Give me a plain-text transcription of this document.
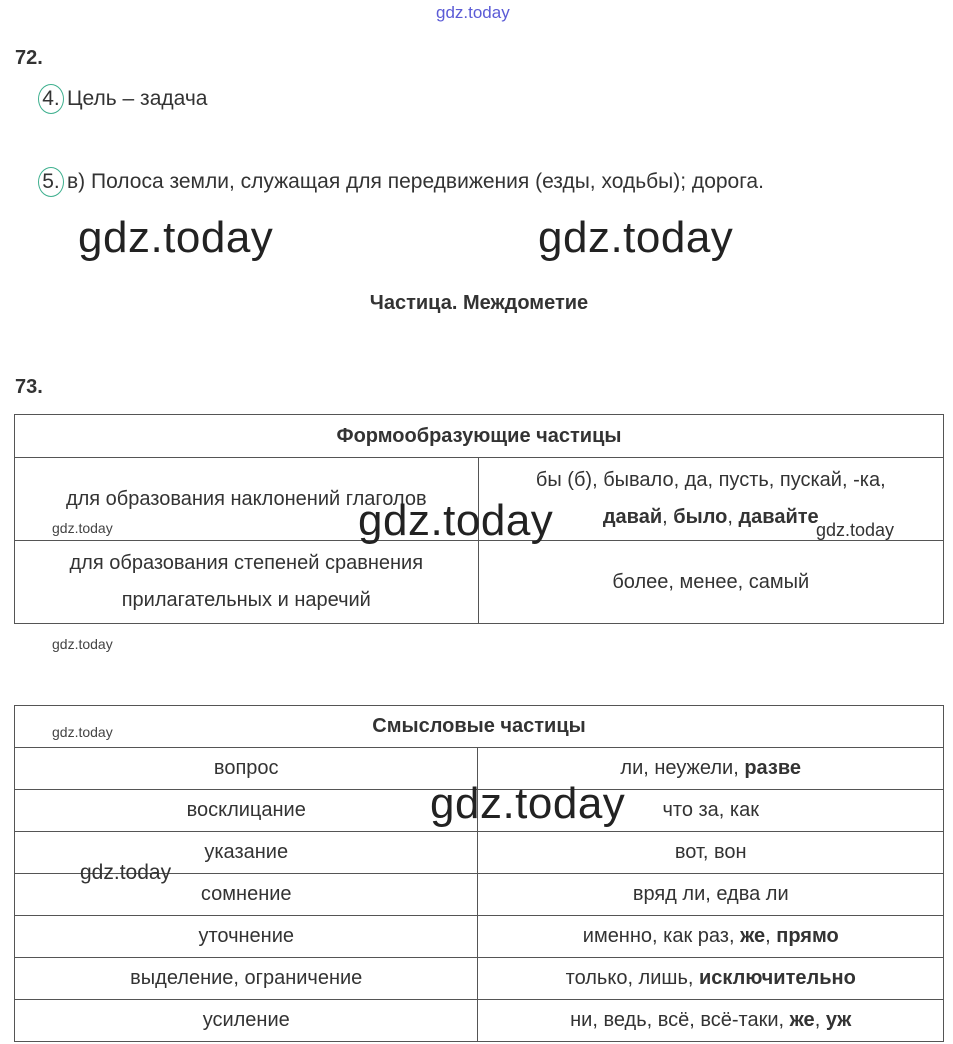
gdz.today
72.
4. Цель – задача
5. в) Полоса земли, служащая для передвижения (езды, ходьбы); дорога.
gdz.today	gdz.today
Частица. Междометие
73.
Формообразующие частицы	
для образования наклонений глаголов	бы (б), бывало, да, пусть, пускай, -ка,
давай, было, давайте

для образования степеней сравнения
прилагательных и наречий	более, менее, самый
gdz.today	gdz.today
gdz.today
gdz.today
Смысловые частицы	
вопрос	ли, неужели, разве
восклицание	что за, как
указание	вот, вон
сомнение	вряд ли, едва ли
уточнение	именно, как раз, же, прямо
выделение, ограничение	только, лишь, исключительно
усиление	ни, ведь, всё, всё-таки, же, уж
gdz.today
gdz.today
gdz.today
